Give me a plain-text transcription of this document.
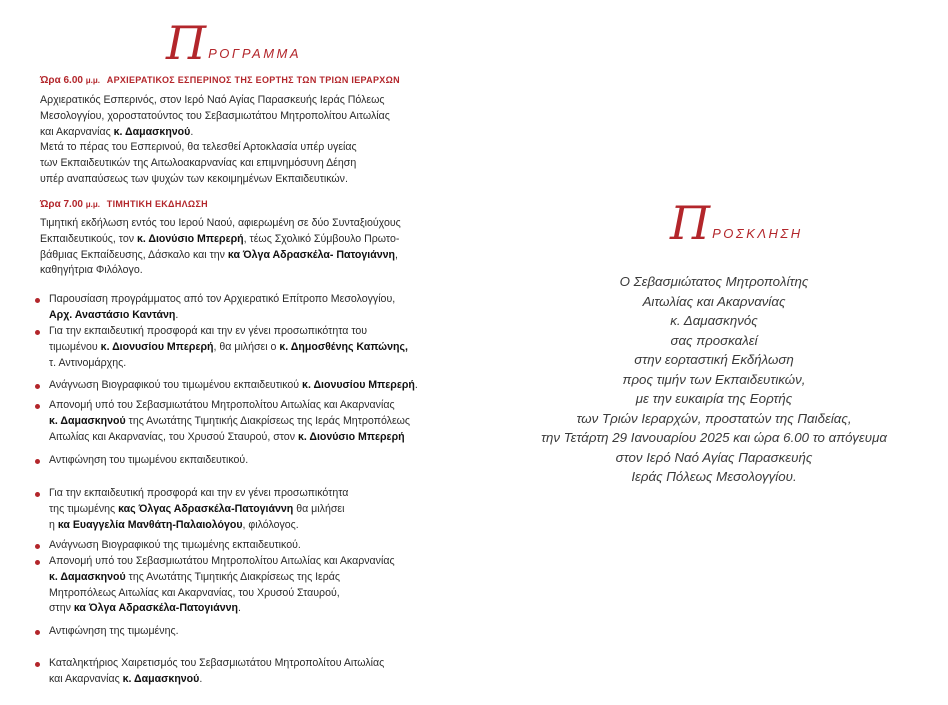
Π ΡΟΓΡΑΜΜΑ
Ώρα 6.00 μ.μ. ΑΡΧΙΕΡΑΤΙΚΟΣ ΕΣΠΕΡΙΝΟΣ ΤΗΣ ΕΟΡΤΗΣ ΤΩΝ ΤΡΙΩΝ ΙΕΡΑΡΧΩΝ
Αρχιερατικός Εσπερινός, στον Ιερό Ναό Αγίας Παρασκευής Ιεράς Πόλεως
Μεσολογγίου, χοροστατούντος του Σεβασμιωτάτου Μητροπολίτου Αιτωλίας
και Ακαρνανίας κ. Δαμασκηνού.
Μετά το πέρας του Εσπερινού, θα τελεσθεί Αρτοκλασία υπέρ υγείας
των Εκπαιδευτικών της Αιτωλοακαρνανίας και επιμνημόσυνη Δέηση
υπέρ αναπαύσεως των ψυχών των κεκοιμημένων Εκπαιδευτικών.
Ώρα 7.00 μ.μ. ΤΙΜΗΤΙΚΗ ΕΚΔΗΛΩΣΗ
Τιμητική εκδήλωση εντός του Ιερού Ναού, αφιερωμένη σε δύο Συνταξιούχους
Εκπαιδευτικούς, τον κ. Διονύσιο Μπερερή, τέως Σχολικό Σύμβουλο Πρωτο-
βάθμιας Εκπαίδευσης, Δάσκαλο και την κα Όλγα Αδρασκέλα- Πατογιάννη,
καθηγήτρια Φιλόλογο.
Παρουσίαση προγράμματος από τον Αρχιερατικό Επίτροπο Μεσολογγίου,
Αρχ. Αναστάσιο Καντάνη.
Για την εκπαιδευτική προσφορά και την εν γένει προσωπικότητα του
τιμωμένου κ. Διονυσίου Μπερερή, θα μιλήσει ο κ. Δημοσθένης Καπώνης,
τ. Αντινομάρχης.
Ανάγνωση Βιογραφικού του τιμωμένου εκπαιδευτικού κ. Διονυσίου Μπερερή.
Απονομή υπό του Σεβασμιωτάτου Μητροπολίτου Αιτωλίας και Ακαρνανίας
κ. Δαμασκηνού της Ανωτάτης Τιμητικής Διακρίσεως της Ιεράς Μητροπόλεως
Αιτωλίας και Ακαρνανίας, του Χρυσού Σταυρού, στον κ. Διονύσιο Μπερερή
Αντιφώνηση του τιμωμένου εκπαιδευτικού.
Για την εκπαιδευτική προσφορά και την εν γένει προσωπικότητα
της τιμωμένης κας Όλγας Αδρασκέλα-Πατογιάννη θα μιλήσει
η κα Ευαγγελία Μανθάτη-Παλαιολόγου, φιλόλογος.
Ανάγνωση Βιογραφικού της τιμωμένης εκπαιδευτικού.
Απονομή υπό του Σεβασμιωτάτου Μητροπολίτου Αιτωλίας και Ακαρνανίας
κ. Δαμασκηνού της Ανωτάτης Τιμητικής Διακρίσεως της Ιεράς
Μητροπόλεως Αιτωλίας και Ακαρνανίας, του Χρυσού Σταυρού,
στην κα Όλγα Αδρασκέλα-Πατογιάννη.
Αντιφώνηση της τιμωμένης.
Καταληκτήριος Χαιρετισμός του Σεβασμιωτάτου Μητροπολίτου Αιτωλίας
και Ακαρνανίας κ. Δαμασκηνού.
Π ΡΟΣΚΛΗΣΗ
Ο Σεβασμιώτατος Μητροπολίτης
Αιτωλίας και Ακαρνανίας
κ. Δαμασκηνός
σας προσκαλεί
στην εορταστική Εκδήλωση
προς τιμήν των Εκπαιδευτικών,
με την ευκαιρία της Εορτής
των Τριών Ιεραρχών, προστατών της Παιδείας,
την Τετάρτη 29 Ιανουαρίου 2025 και ώρα 6.00 το απόγευμα
στον Ιερό Ναό Αγίας Παρασκευής
Ιεράς Πόλεως Μεσολογγίου.
